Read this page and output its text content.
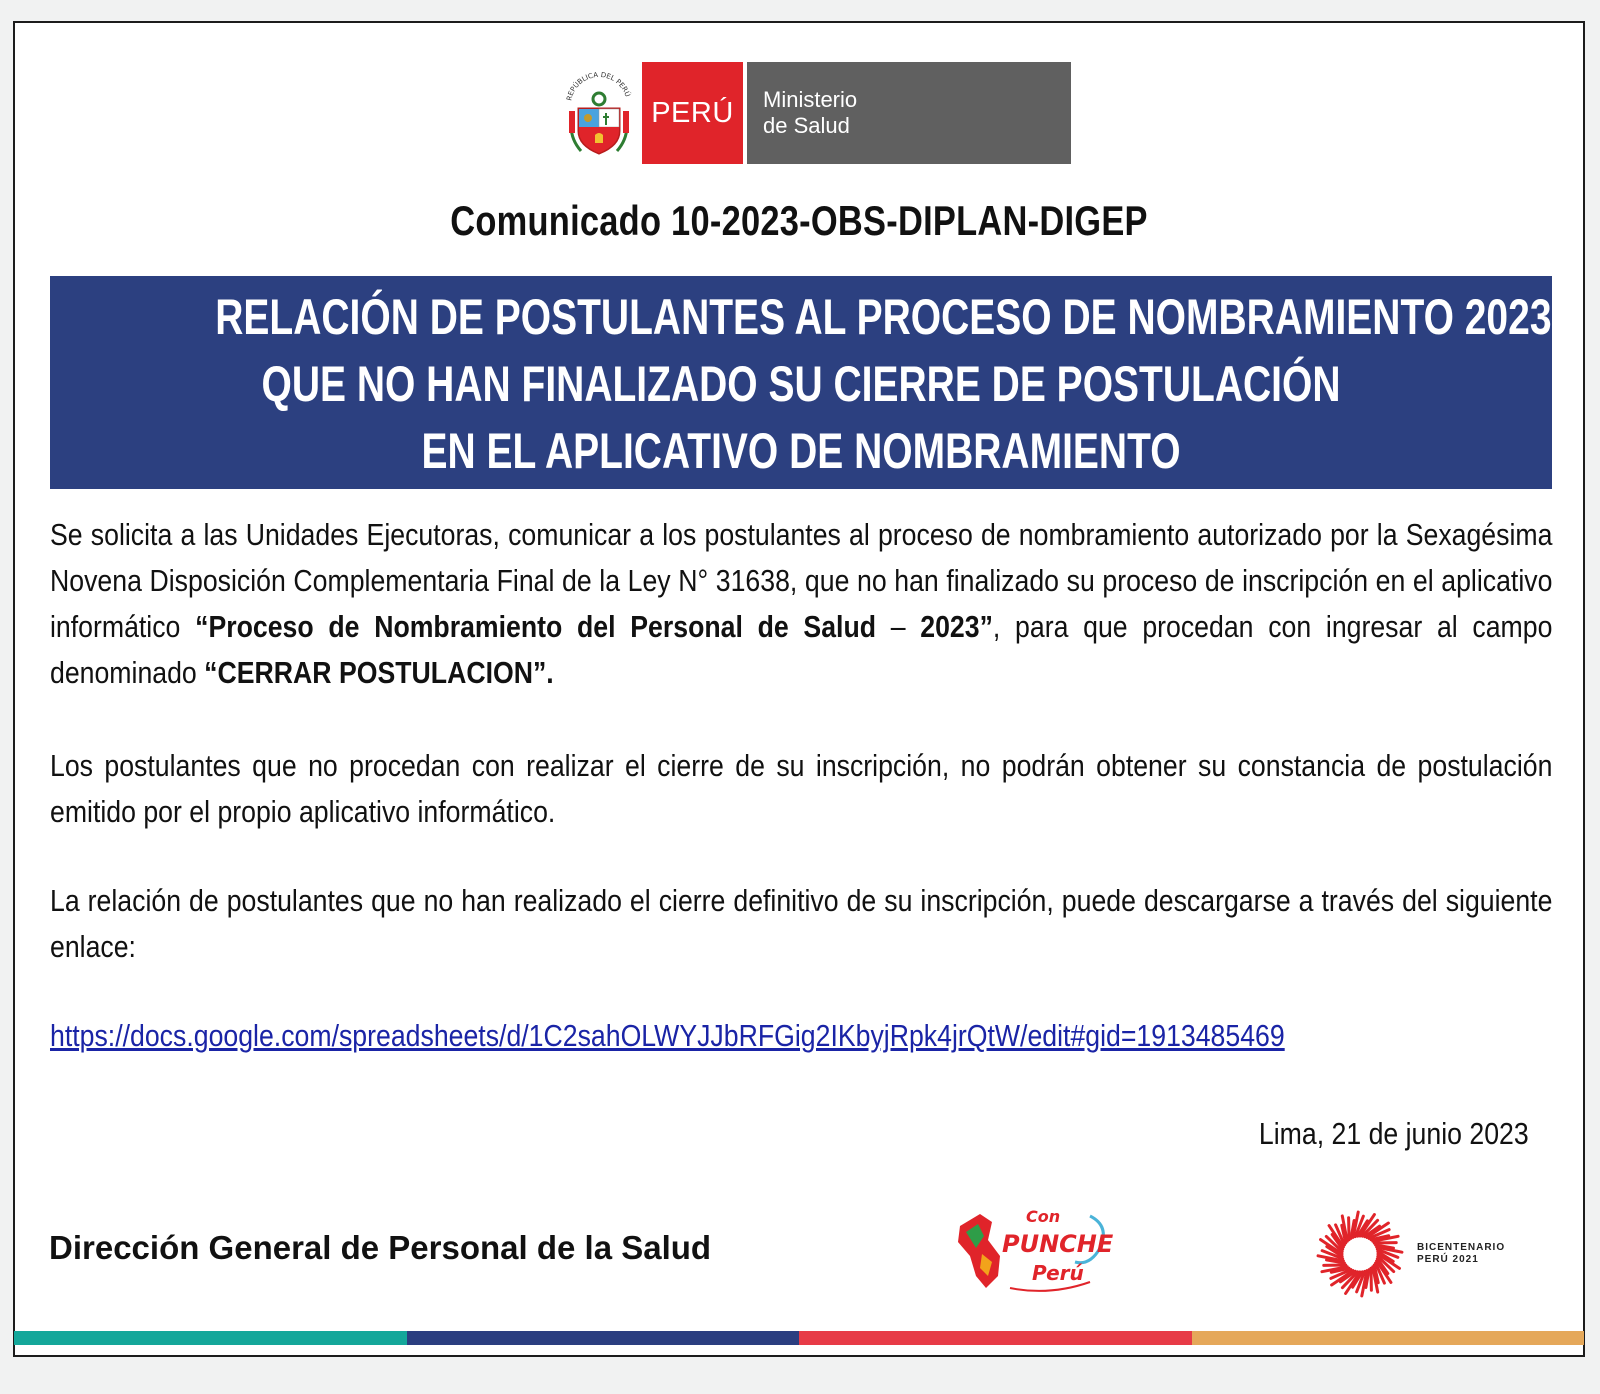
REPÚBLICA DEL PERÚ
PERÚ	Ministerio
de Salud
Comunicado 10-2023-OBS-DIPLAN-DIGEP
RELACIÓN DE POSTULANTES AL PROCESO DE NOMBRAMIENTO 2023
QUE NO HAN FINALIZADO SU CIERRE DE POSTULACIÓN
EN EL APLICATIVO DE NOMBRAMIENTO
Se solicita a las Unidades Ejecutoras, comunicar a los postulantes al proceso de nombramiento autorizado por la Sexagésima Novena Disposición Complementaria Final de la Ley N° 31638, que no han finalizado su proceso de inscripción en el aplicativo informático “Proceso de Nombramiento del Personal de Salud – 2023”, para que procedan con ingresar al campo denominado “CERRAR POSTULACION”.
Los postulantes que no procedan con realizar el cierre de su inscripción, no podrán obtener su constancia de postulación emitido por el propio aplicativo informático.
La relación de postulantes que no han realizado el cierre definitivo de su inscripción, puede descargarse a través del siguiente enlace:
https://docs.google.com/spreadsheets/d/1C2sahOLWYJJbRFGig2IKbyjRpk4jrQtW/edit#gid=1913485469
Lima, 21 de junio 2023
Dirección General de Personal de la Salud
Con
PUNCHE
Perú
BICENTENARIO
PERÚ 2021
